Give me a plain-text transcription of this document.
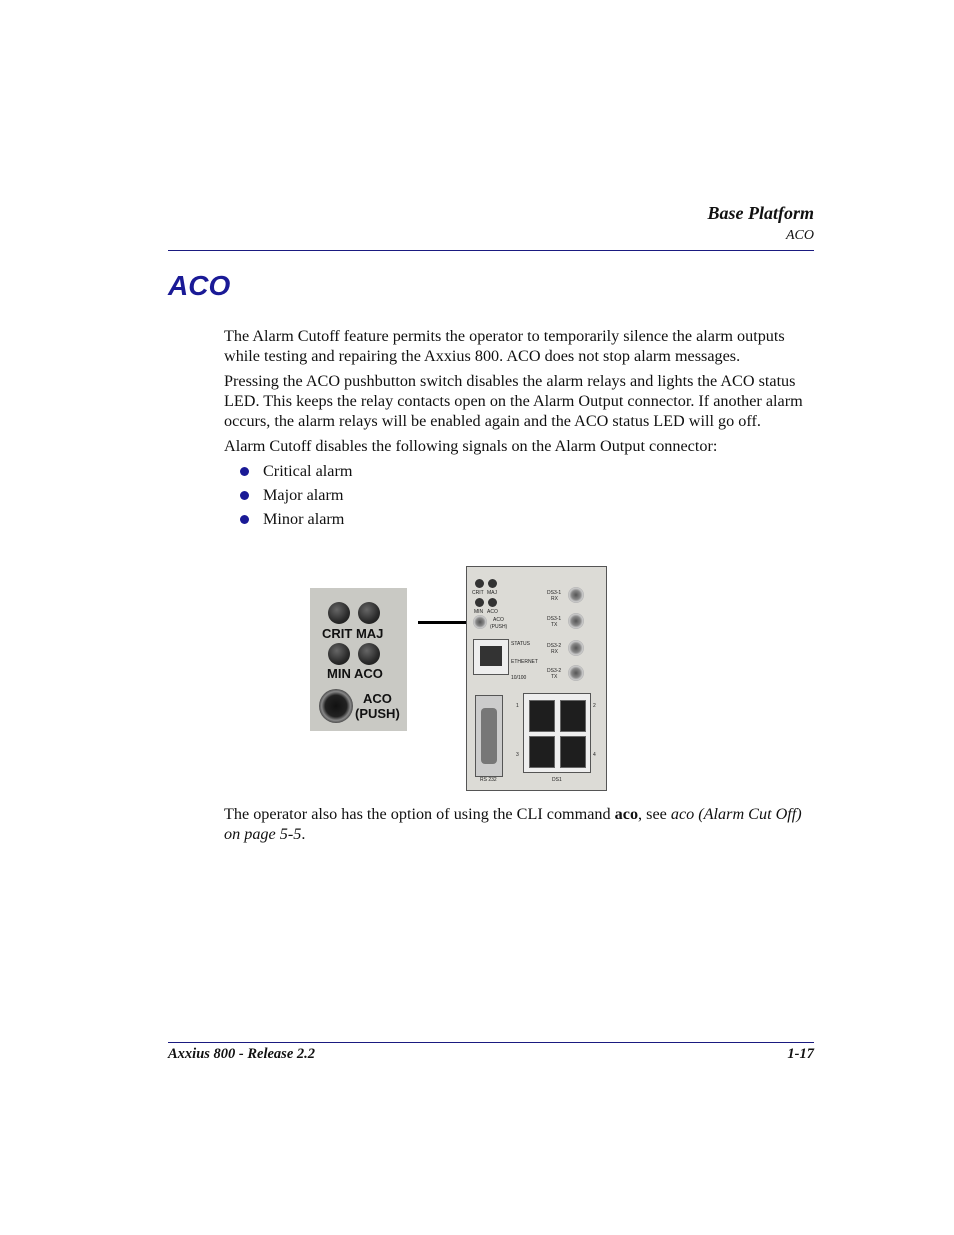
Base Platform
ACO
ACO

The Alarm Cutoff feature permits the operator to temporarily silence the alarm outputs while testing and repairing the Axxius 800. ACO does not stop alarm messages.

Pressing the ACO pushbutton switch disables the alarm relays and lights the ACO status LED. This keeps the relay contacts open on the Alarm Output connector. If another alarm occurs, the alarm relays will be enabled again and the ACO status LED will go off.

Alarm Cutoff disables the following signals on the Alarm Output connector:

Critical alarm
Major alarm
Minor alarm
CRIT MAJ
MIN ACO
ACO
(PUSH)
CRIT MAJ
MIN ACO
ACO
(PUSH)
STATUS
ETHERNET
10/100
DS3-1
RX
DS3-1
TX
DS3-2
RX
DS3-2
TX
RS 232
1	2
3	4
DS1
The operator also has the option of using the CLI command aco, see aco (Alarm Cut Off) on page 5-5.
Axxius 800 - Release 2.2	1-17
